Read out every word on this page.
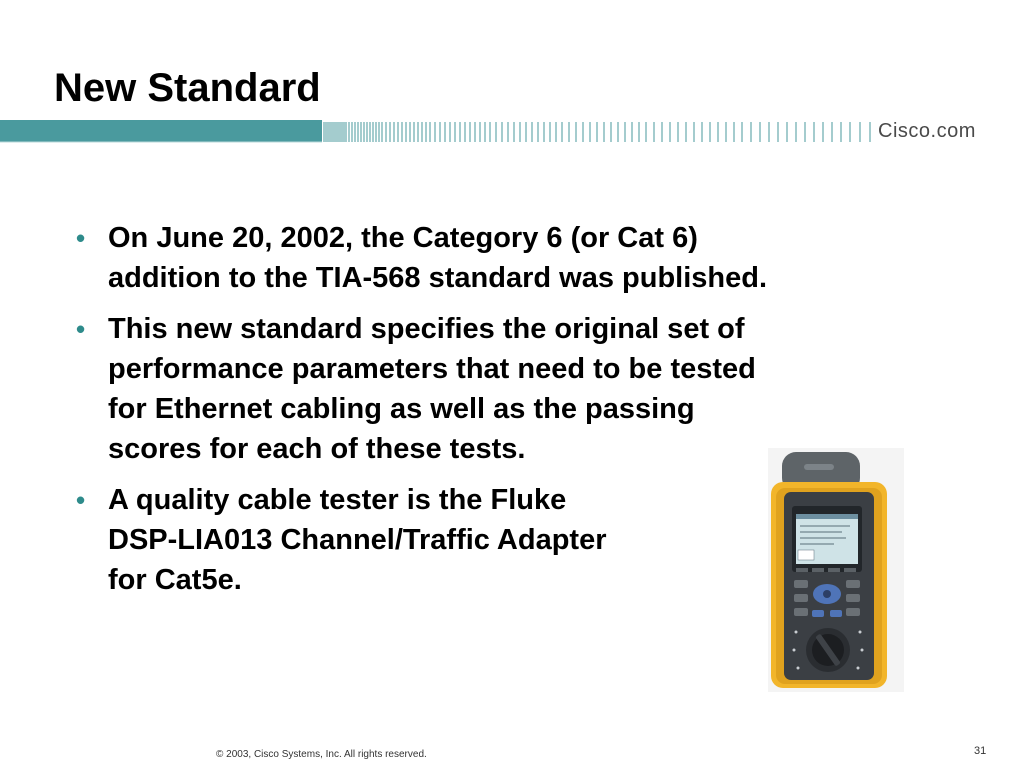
New Standard
Cisco.com
• On June 20, 2002, the Category 6 (or Cat 6)
addition to the TIA-568 standard was published.
• This new standard specifies the original set of
performance parameters that need to be tested
for Ethernet cabling as well as the passing
scores for each of these tests.
• A quality cable tester is the Fluke
DSP-LIA013 Channel/Traffic Adapter
for Cat5e.
© 2003, Cisco Systems, Inc. All rights reserved.	31
